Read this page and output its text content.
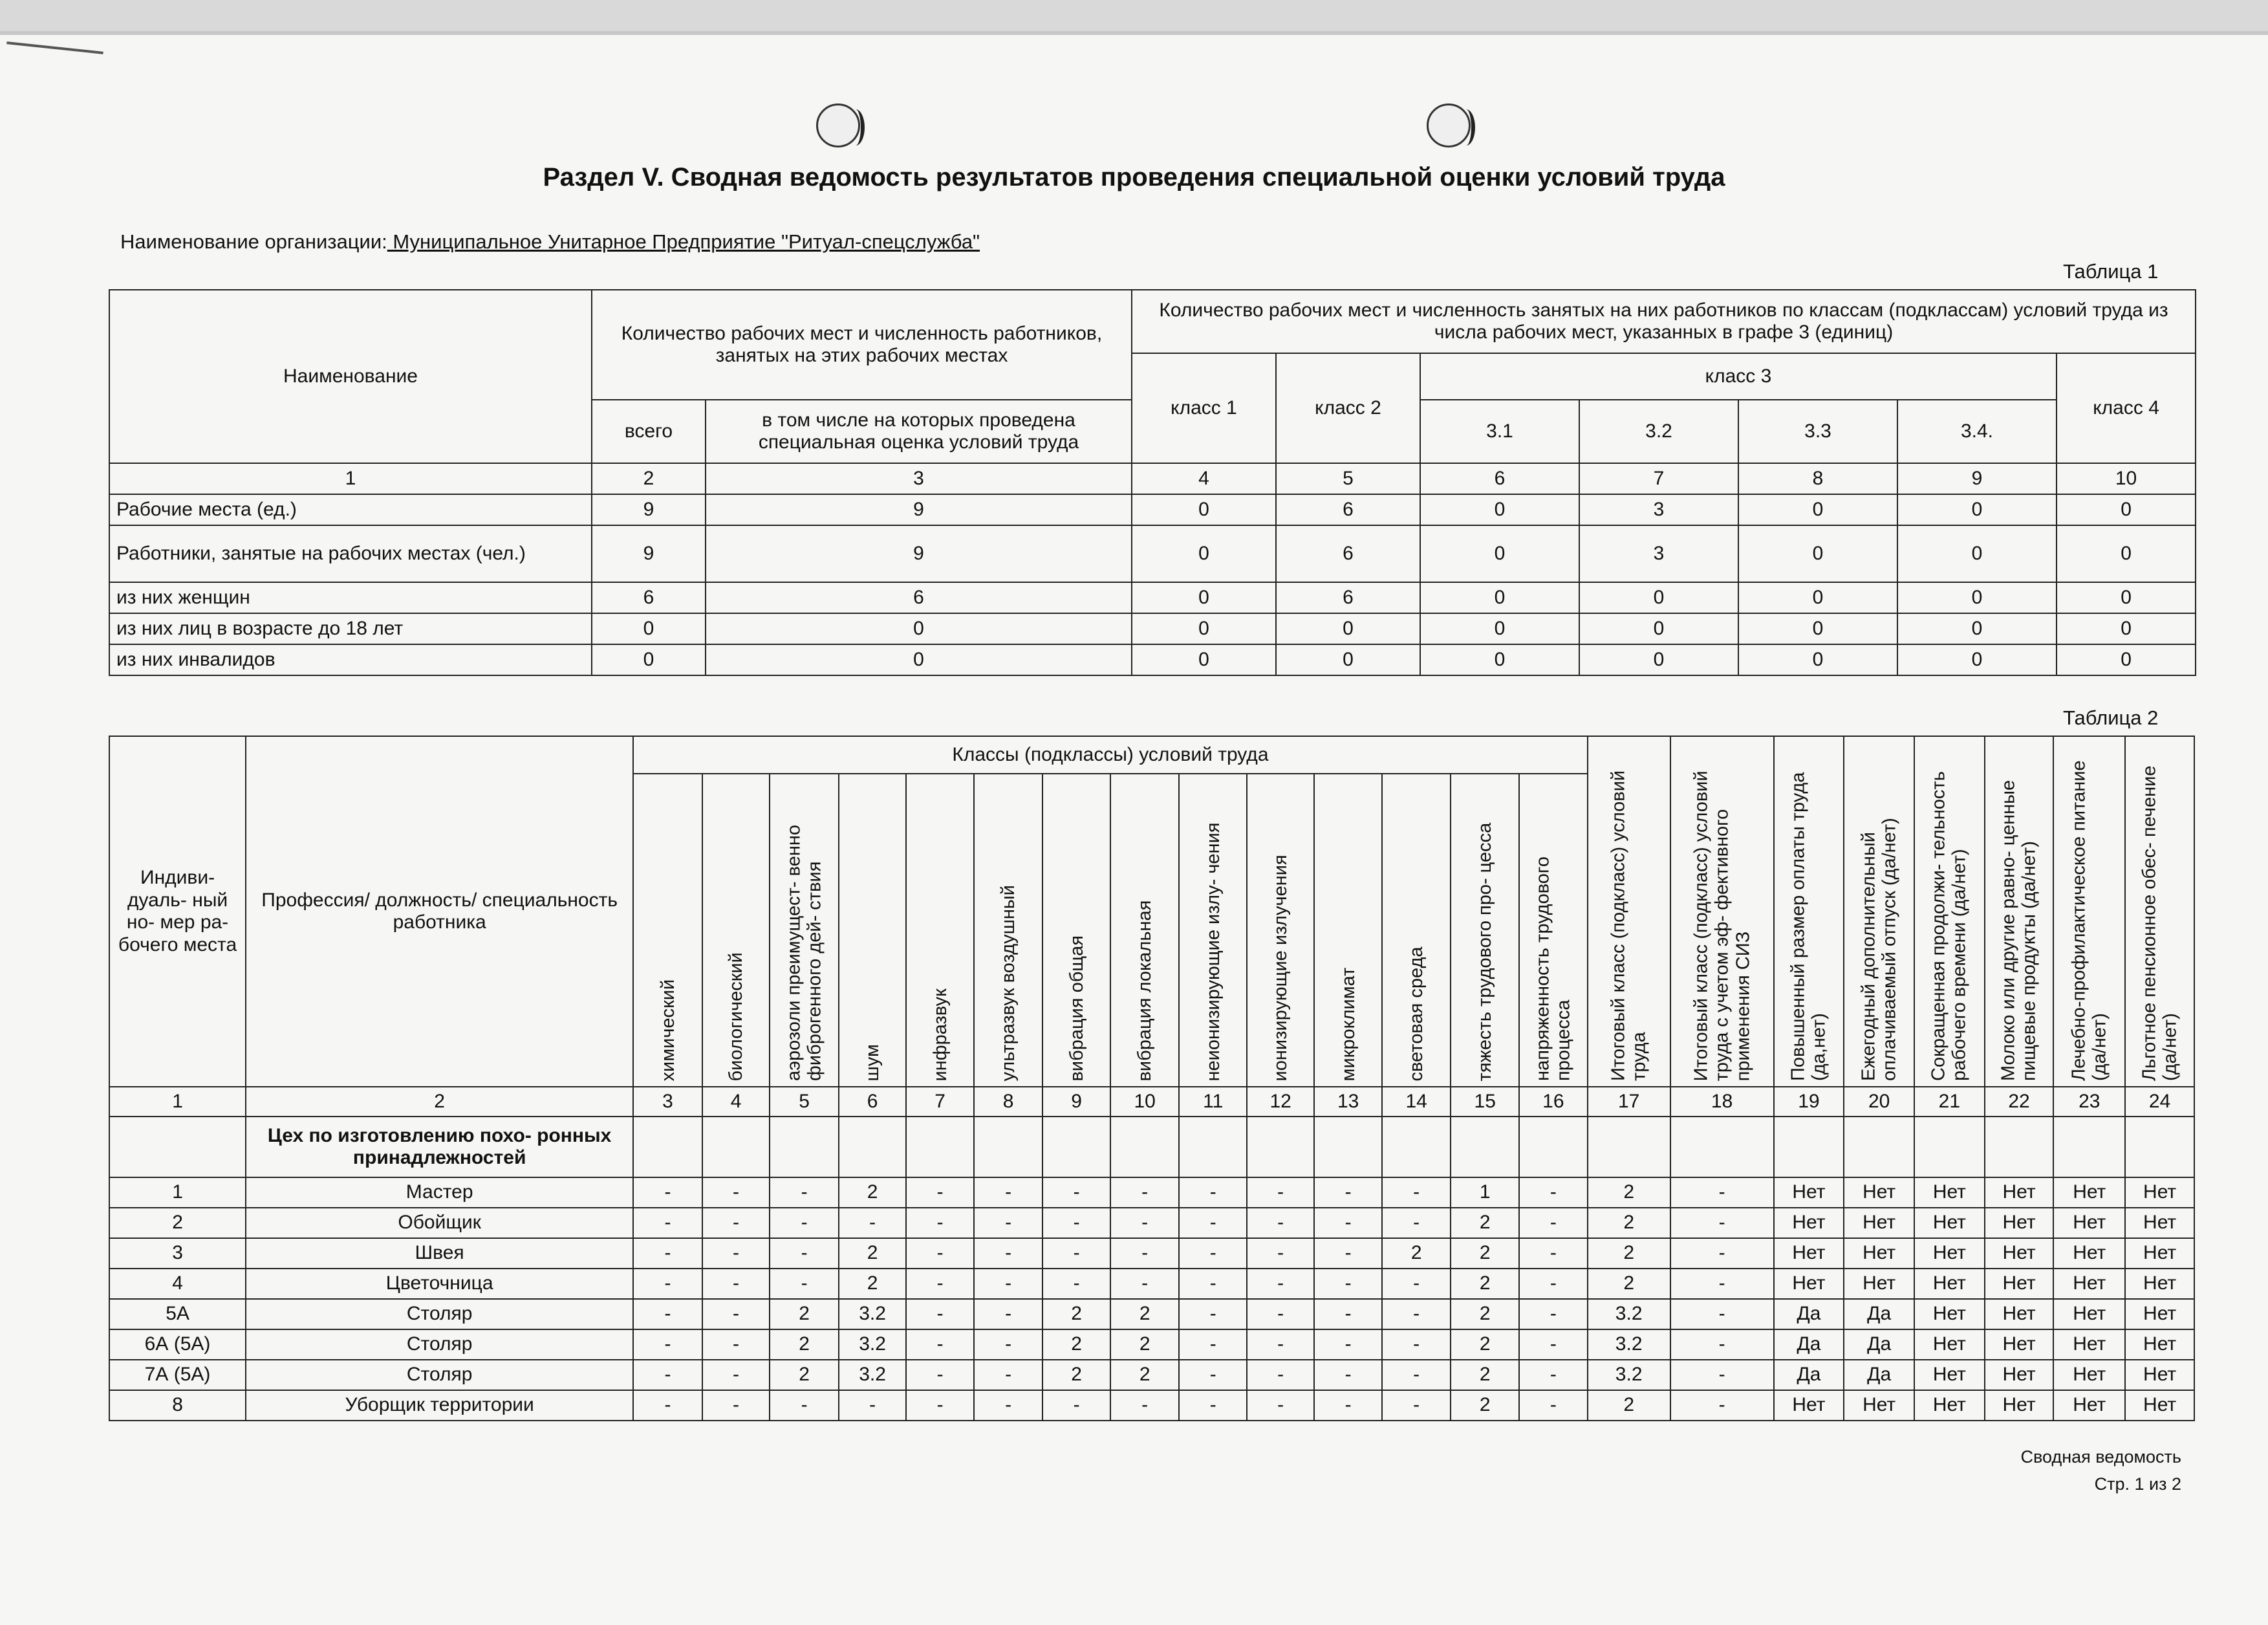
Раздел V. Сводная ведомость результатов проведения специальной оценки условий труда
Наименование организации: Муниципальное Унитарное Предприятие "Ритуал-спецслужба"
Таблица 1
Наименование	Количество рабочих мест и численность работников, занятых на этих рабочих местах		Количество рабочих мест и численность занятых на них работников по классам (подклассам) условий труда из числа рабочих мест, указанных в графе 3 (единиц)						
			класс 1	класс 2	класс 3				класс 4
	всего	в том числе на которых проведена специальная оценка условий труда			3.1	3.2	3.3	3.4.	
1	2	3	4	5	6	7	8	9	10
Рабочие места (ед.)	9	9	0	6	0	3	0	0	0
Работники, занятые на рабочих местах (чел.)	9	9	0	6	0	3	0	0	0
из них женщин	6	6	0	6	0	0	0	0	0
из них лиц в возрасте до 18 лет	0	0	0	0	0	0	0	0	0
из них инвалидов	0	0	0	0	0	0	0	0	0
Таблица 2
Индиви- дуаль- ный но- мер ра- бочего места	Профессия/ должность/ специальность работника	Классы (подклассы) условий труда														Итоговый класс (подкласс) условий труда	Итоговый класс (подкласс) условий труда с учетом эф- фективного применения СИЗ	Повышенный размер оплаты труда (да,нет)	Ежегодный дополнительный оплачиваемый отпуск (да/нет)	Сокращенная продолжи- тельность рабочего времени (да/нет)	Молоко или другие равно- ценные пищевые продукты (да/нет)	Лечебно-профилактическое питание (да/нет)	Льготное пенсионное обес- печение (да/нет)

		химический	биологический	аэрозоли преимущест- венно фиброгенного дей- ствия	шум	инфразвук	ультразвук воздушный	вибрация общая	вибрация локальная	неионизирующие излу- чения	ионизирующие излучения	микроклимат	световая среда	тяжесть трудового про- цесса	напряженность трудового процесса								

1	2	3	4	5	6	7	8	9	10	11	12	13	14	15	16	17	18	19	20	21	22	23	24
	Цех по изготовлению похо- ронных принадлежностей																						
1	Мастер	-	-	-	2	-	-	-	-	-	-	-	-	1	-	2	-	Нет	Нет	Нет	Нет	Нет	Нет
2	Обойщик	-	-	-	-	-	-	-	-	-	-	-	-	2	-	2	-	Нет	Нет	Нет	Нет	Нет	Нет
3	Швея	-	-	-	2	-	-	-	-	-	-	-	2	2	-	2	-	Нет	Нет	Нет	Нет	Нет	Нет
4	Цветочница	-	-	-	2	-	-	-	-	-	-	-	-	2	-	2	-	Нет	Нет	Нет	Нет	Нет	Нет
5А	Столяр	-	-	2	3.2	-	-	2	2	-	-	-	-	2	-	3.2	-	Да	Да	Нет	Нет	Нет	Нет
6А (5А)	Столяр	-	-	2	3.2	-	-	2	2	-	-	-	-	2	-	3.2	-	Да	Да	Нет	Нет	Нет	Нет
7А (5А)	Столяр	-	-	2	3.2	-	-	2	2	-	-	-	-	2	-	3.2	-	Да	Да	Нет	Нет	Нет	Нет
8	Уборщик территории	-	-	-	-	-	-	-	-	-	-	-	-	2	-	2	-	Нет	Нет	Нет	Нет	Нет	Нет
Сводная ведомость
Стр. 1 из 2
